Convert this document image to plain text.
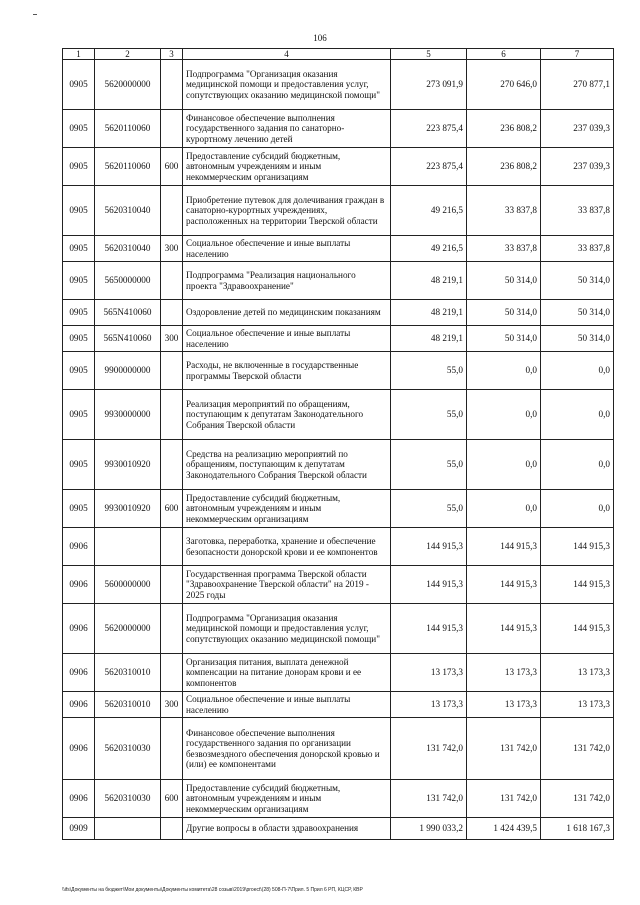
106
1	2	3	4	5	6	7
0905	5620000000		Подпрограмма "Организация оказания медицинской помощи и предоставления услуг, сопутствующих оказанию медицинской помощи"	273 091,9	270 646,0	270 877,1
0905	5620110060		Финансовое обеспечение выполнения государственного задания по санаторно-курортному лечению детей	223 875,4	236 808,2	237 039,3
0905	5620110060	600	Предоставление субсидий бюджетным, автономным учреждениям и иным некоммерческим организациям	223 875,4	236 808,2	237 039,3
0905	5620310040		Приобретение путевок для долечивания граждан в санаторно-курортных учреждениях, расположенных на территории Тверской области	49 216,5	33 837,8	33 837,8
0905	5620310040	300	Социальное обеспечение и иные выплаты населению	49 216,5	33 837,8	33 837,8
0905	5650000000		Подпрограмма "Реализация национального проекта "Здравоохранение"	48 219,1	50 314,0	50 314,0
0905	565N410060		Оздоровление детей по медицинским показаниям	48 219,1	50 314,0	50 314,0
0905	565N410060	300	Социальное обеспечение и иные выплаты населению	48 219,1	50 314,0	50 314,0
0905	9900000000		Расходы, не включенные в государственные программы Тверской области	55,0	0,0	0,0
0905	9930000000		Реализация мероприятий по обращениям, поступающим к депутатам Законодательного Собрания Тверской области	55,0	0,0	0,0
0905	9930010920		Средства на реализацию мероприятий по обращениям, поступающим к депутатам Законодательного Собрания Тверской области	55,0	0,0	0,0
0905	9930010920	600	Предоставление субсидий бюджетным, автономным учреждениям и иным некоммерческим организациям	55,0	0,0	0,0
0906			Заготовка, переработка, хранение и обеспечение безопасности донорской крови и ее компонентов	144 915,3	144 915,3	144 915,3
0906	5600000000		Государственная программа Тверской области "Здравоохранение Тверской области" на 2019 - 2025 годы	144 915,3	144 915,3	144 915,3
0906	5620000000		Подпрограмма "Организация оказания медицинской помощи и предоставления услуг, сопутствующих оказанию медицинской помощи"	144 915,3	144 915,3	144 915,3
0906	5620310010		Организация питания, выплата денежной компенсации на питание донорам крови и ее компонентов	13 173,3	13 173,3	13 173,3
0906	5620310010	300	Социальное обеспечение и иные выплаты населению	13 173,3	13 173,3	13 173,3
0906	5620310030		Финансовое обеспечение выполнения государственного задания по организации безвозмездного обеспечения донорской кровью и (или) ее компонентами	131 742,0	131 742,0	131 742,0
0906	5620310030	600	Предоставление субсидий бюджетным, автономным учреждениям и иным некоммерческим организациям	131 742,0	131 742,0	131 742,0
0909			Другие вопросы в области здравоохранения	1 990 033,2	1 424 439,5	1 618 167,3
\\ifs\Документы на бюджет\Мои документы\Документы комитета\28 созыв\2019\proect\(28) 508-П-7\Прил. 5 Прил 6 РП, КЦСР, КВР
